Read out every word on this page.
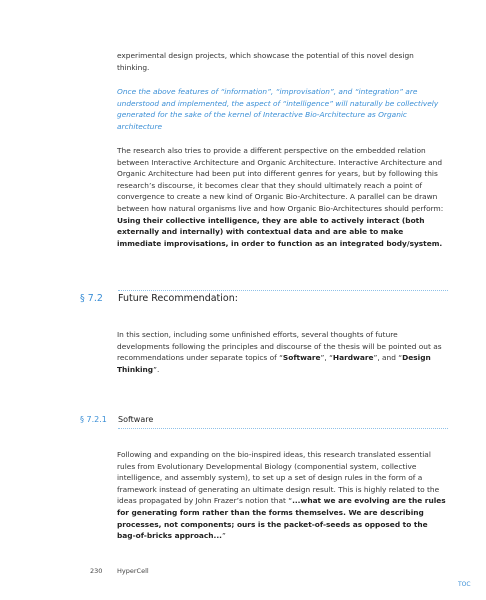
experimental design projects, which showcase the potential of this novel design thinking.

Once the above features of “information”, “improvisation”, and “integration” are understood and implemented, the aspect of “intelligence” will naturally be collectively generated for the sake of the kernel of Interactive Bio-Architecture as Organic architecture

The research also tries to provide a different perspective on the embedded relation between Interactive Architecture and Organic Architecture. Interactive Architecture and Organic Architecture had been put into different genres for years, but by following this research’s discourse, it becomes clear that they should ultimately reach a point of convergence to create a new kind of Organic Bio-Architecture. A parallel can be drawn between how natural organisms live and how Organic Bio-Architectures should perform: Using their collective intelligence, they are able to actively interact (both externally and internally) with contextual data and are able to make immediate improvisations, in order to function as an integrated body/system.

§ 7.2 Future Recommendation:

In this section, including some unfinished efforts, several thoughts of future developments following the principles and discourse of the thesis will be pointed out as recommendations under separate topics of “Software”, “Hardware”, and “Design Thinking”.

§ 7.2.1 Software

Following and expanding on the bio-inspired ideas, this research translated essential rules from Evolutionary Developmental Biology (componential system, collective intelligence, and assembly system), to set up a set of design rules in the form of a framework instead of generating an ultimate design result. This is highly related to the ideas propagated by John Frazer’s notion that “...what we are evolving are the rules for generating form rather than the forms themselves. We are describing processes, not components; ours is the packet-of-seeds as opposed to the bag-of-bricks approach...”

230 HyperCell
TOC
